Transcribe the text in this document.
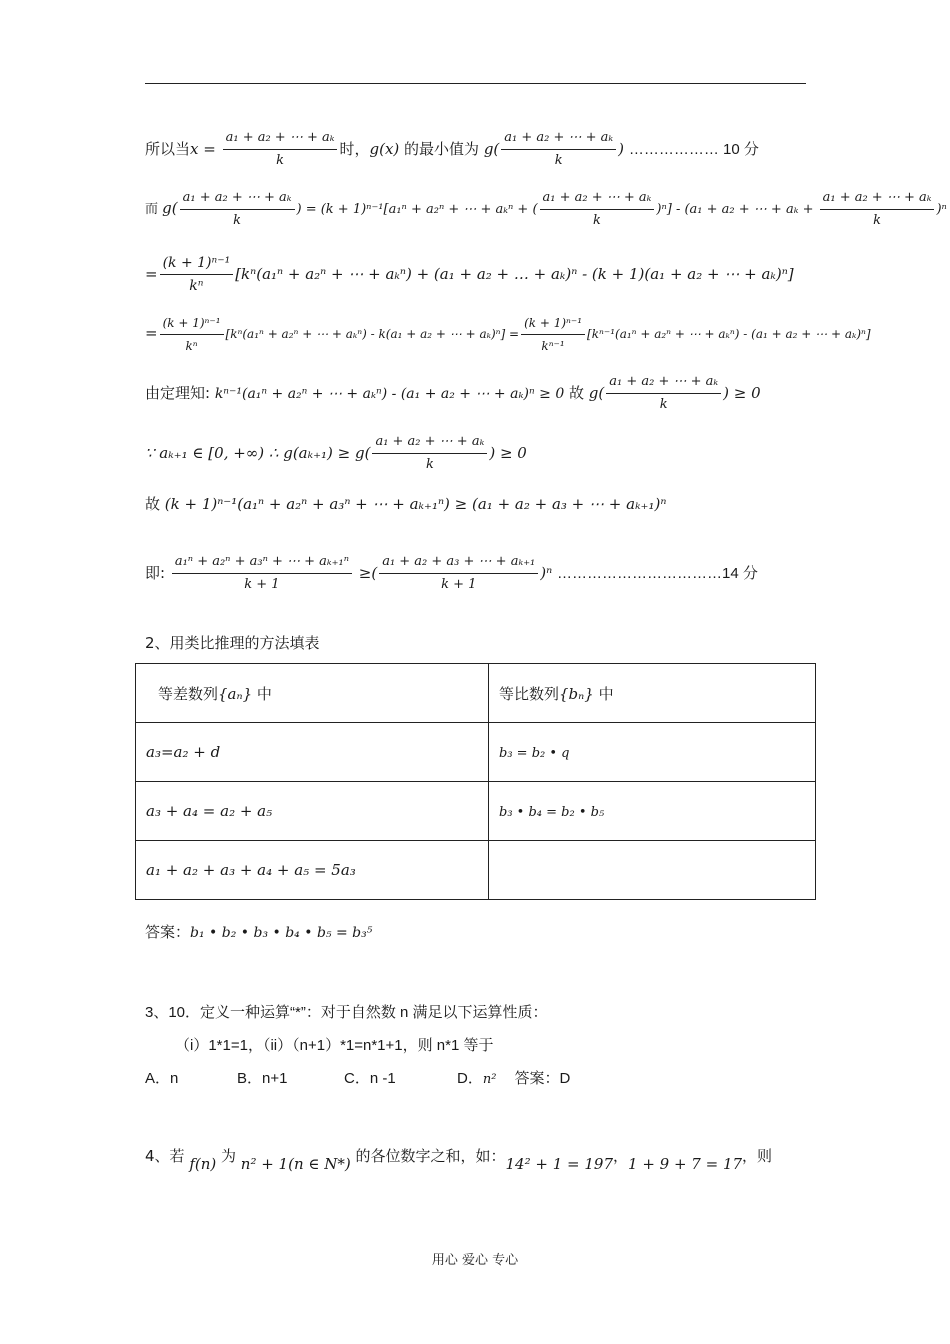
所以当$x = \frac{\text{a₁ + a₂ + ⋯ + aₖ}}{k}$ 时，g(x) 的最小值为 $g( \frac{\text{a₁ + a₂ + ⋯ + aₖ}}{k}$ ) ……………… 10 分
而 $g( \frac{\text{a₁ + a₂ + ⋯ + aₖ}}{k}$ ) = (k + 1)ⁿ⁻¹[a₁ⁿ + a₂ⁿ + ⋯ + aₖⁿ + ( $\frac{\text{a₁ + a₂ + ⋯ + aₖ}}{k} )^n] - (a_1 + a_2$ + ⋯ + $a_k + \frac{\text{a₁ + a₂ + ⋯ + aₖ}}{k} )^n$
= $\frac{\text{(k + 1)ⁿ⁻¹}}{\text{kⁿ}} [k^n(a_1^n + a_2^n$ + ⋯ + aₖⁿ) + (a₁ + a₂ + … + aₖ)ⁿ - (k + 1)(a₁ + a₂ + ⋯ + aₖ)ⁿ]
= $\frac{\text{(k + 1)ⁿ⁻¹}}{\text{kⁿ}} [k^n(a_1^n + a_2^n$ + ⋯ + aₖⁿ) - k(a₁ + a₂ + ⋯ + $a_k)^n] = \frac{\text{(k + 1)ⁿ⁻¹}}{\text{kⁿ⁻¹}} [k^{n-1}(a_1^n + a_2^n$ + ⋯ + aₖⁿ) - (a₁ + a₂ + ⋯ + aₖ)ⁿ]
由定理知: kⁿ⁻¹(a₁ⁿ + a₂ⁿ + ⋯ + aₖⁿ) - (a₁ + a₂ + ⋯ + aₖ)ⁿ ≥ 0 故 $g( \frac{\text{a₁ + a₂ + ⋯ + aₖ}}{k}$ ) ≥ 0
∵ aₖ₊₁ ∈ [0, +∞) ∴ $g(a_{k+1}) \ge g( \frac{\text{a₁ + a₂ + ⋯ + aₖ}}{k}$ ) ≥ 0
故 (k + 1)ⁿ⁻¹(a₁ⁿ + a₂ⁿ + a₃ⁿ + ⋯ + aₖ₊₁ⁿ) ≥ (a₁ + a₂ + a₃ + ⋯ + aₖ₊₁)ⁿ
即: $\frac{\text{a₁ⁿ + a₂ⁿ + a₃ⁿ + ⋯ + aₖ₊₁ⁿ}}{k + 1}$ ≥( $\frac{\text{a₁ + a₂ + a₃ + ⋯ + aₖ₊₁}}{k + 1} )^n$ ……………………………14 分
2、用类比推理的方法填表
等差数列{aₙ} 中	等比数列{bₙ} 中
a₃=a₂ + d	b₃ = b₂ • q
a₃ + a₄ = a₂ + a₅	b₃ • b₄ = b₂ • b₅
a₁ + a₂ + a₃ + a₄ + a₅ = 5a₃	
答案：b₁ • b₂ • b₃ • b₄ • b₅ = b₃⁵
3、10．定义一种运算“*”：对于自然数 n 满足以下运算性质：
（i）1*1=1，（ii）（n+1）*1=n*1+1，则 n*1 等于
A．n	B．n+1	C．n -1	D．n² 答案：D
4、若 f(n) 为 n² + 1(n ∈ N*) 的各位数字之和，如：14² + 1 = 197，1 + 9 + 7 = 17，则
用心 爱心 专心
